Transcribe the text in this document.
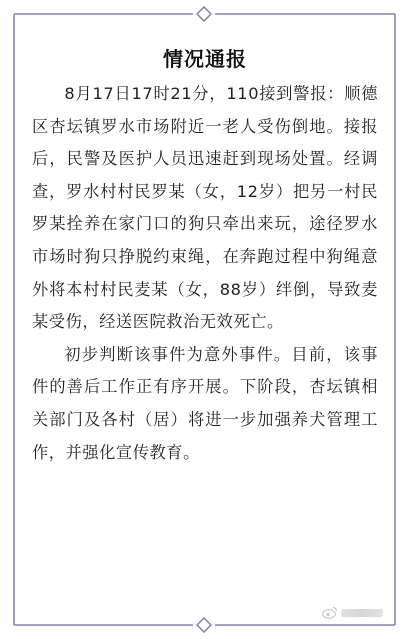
情况通报

8月17日17时21分，110接到警报：顺德区杏坛镇罗水市场附近一老人受伤倒地。接报后，民警及医护人员迅速赶到现场处置。经调查，罗水村村民罗某（女，12岁）把另一村民罗某拴养在家门口的狗只牵出来玩，途径罗水市场时狗只挣脱约束绳，在奔跑过程中狗绳意外将本村村民麦某（女，88岁）绊倒，导致麦某受伤，经送医院救治无效死亡。

初步判断该事件为意外事件。目前，该事件的善后工作正有序开展。下阶段，杏坛镇相关部门及各村（居）将进一步加强养犬管理工作，并强化宣传教育。
